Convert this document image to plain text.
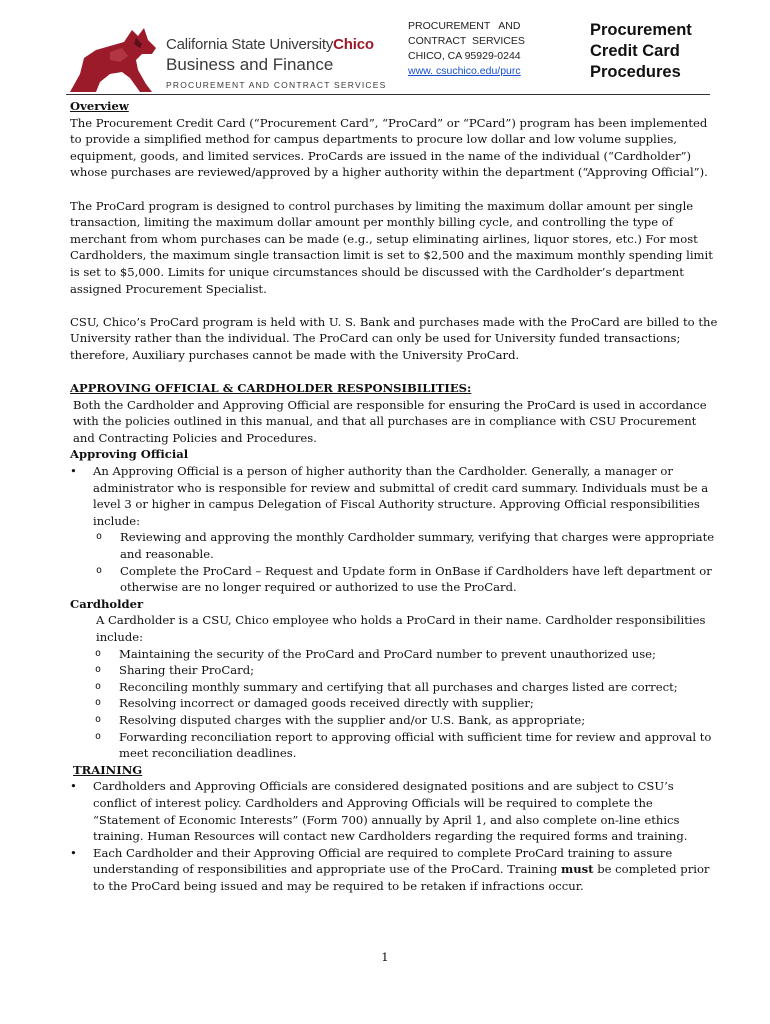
California State UniversityChico
Business and Finance
PROCUREMENT AND CONTRACT SERVICES
PROCUREMENT   AND
CONTRACT  SERVICES
CHICO, CA 95929-0244
www. csuchico.edu/purc
Procurement
Credit Card
Procedures

Overview

The Procurement Credit Card (“Procurement Card”, “ProCard” or “PCard”) program has been implemented to provide a simplified method for campus departments to procure low dollar and low volume supplies, equipment, goods, and limited services. ProCards are issued in the name of the individual (“Cardholder”) whose purchases are reviewed/approved by a higher authority within the department (“Approving Official”).

The ProCard program is designed to control purchases by limiting the maximum dollar amount per single transaction, limiting the maximum dollar amount per monthly billing cycle, and controlling the type of merchant from whom purchases can be made (e.g., setup eliminating airlines, liquor stores, etc.) For most Cardholders, the maximum single transaction limit is set to $2,500 and the maximum monthly spending limit is set to $5,000. Limits for unique circumstances should be discussed with the Cardholder’s department assigned Procurement Specialist.

CSU, Chico’s ProCard program is held with U. S. Bank and purchases made with the ProCard are billed to the University rather than the individual. The ProCard can only be used for University funded transactions; therefore, Auxiliary purchases cannot be made with the University ProCard.

APPROVING OFFICIAL & CARDHOLDER RESPONSIBILITIES:

Both the Cardholder and Approving Official are responsible for ensuring the ProCard is used in accordance with the policies outlined in this manual, and that all purchases are in compliance with CSU Procurement and Contracting Policies and Procedures.

Approving Official

• An Approving Official is a person of higher authority than the Cardholder. Generally, a manager or administrator who is responsible for review and submittal of credit card summary. Individuals must be a level 3 or higher in campus Delegation of Fiscal Authority structure. Approving Official responsibilities include:
o Reviewing and approving the monthly Cardholder summary, verifying that charges were appropriate and reasonable.
o Complete the ProCard – Request and Update form in OnBase if Cardholders have left department or otherwise are no longer required or authorized to use the ProCard.

Cardholder

A Cardholder is a CSU, Chico employee who holds a ProCard in their name. Cardholder responsibilities include:

o Maintaining the security of the ProCard and ProCard number to prevent unauthorized use;
o Sharing their ProCard;
o Reconciling monthly summary and certifying that all purchases and charges listed are correct;
o Resolving incorrect or damaged goods received directly with supplier;
o Resolving disputed charges with the supplier and/or U.S. Bank, as appropriate;
o Forwarding reconciliation report to approving official with sufficient time for review and approval to meet reconciliation deadlines.

TRAINING

• Cardholders and Approving Officials are considered designated positions and are subject to CSU’s conflict of interest policy. Cardholders and Approving Officials will be required to complete the “Statement of Economic Interests” (Form 700) annually by April 1, and also complete on-line ethics training. Human Resources will contact new Cardholders regarding the required forms and training.
• Each Cardholder and their Approving Official are required to complete ProCard training to assure understanding of responsibilities and appropriate use of the ProCard. Training must be completed prior to the ProCard being issued and may be required to be retaken if infractions occur.
1
